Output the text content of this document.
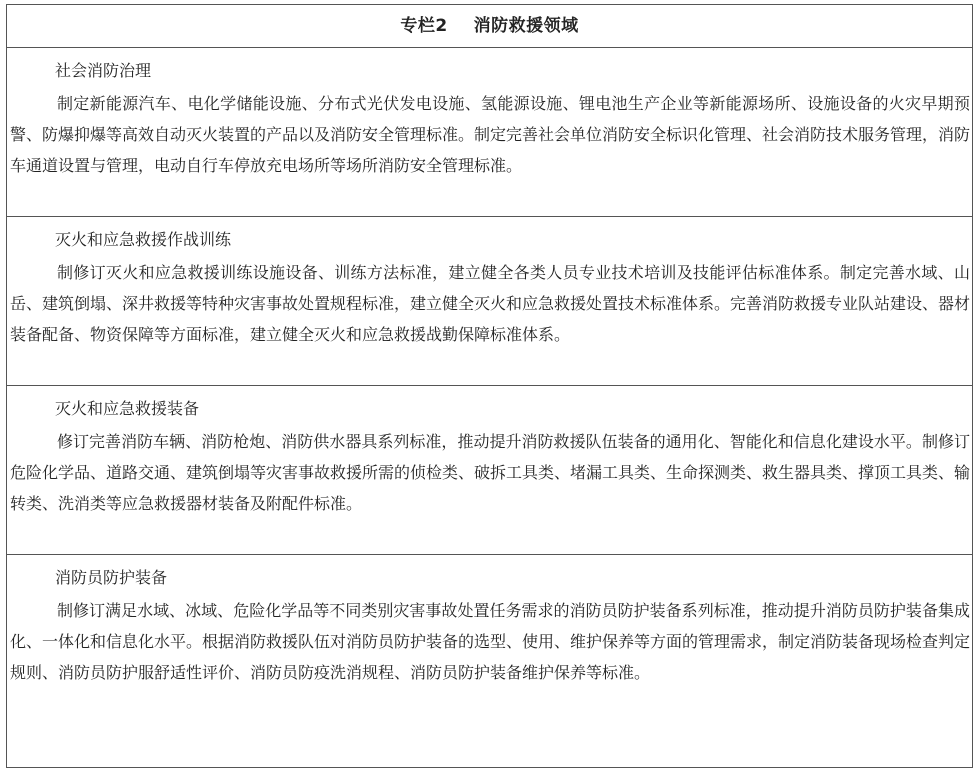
专栏2 消防救援领域

社会消防治理
制定新能源汽车、电化学储能设施、分布式光伏发电设施、氢能源设施、锂电池生产企业等新能源场所、设施设备的火灾早期预警、防爆抑爆等高效自动灭火装置的产品以及消防安全管理标准。制定完善社会单位消防安全标识化管理、社会消防技术服务管理，消防车通道设置与管理，电动自行车停放充电场所等场所消防安全管理标准。

灭火和应急救援作战训练
制修订灭火和应急救援训练设施设备、训练方法标准，建立健全各类人员专业技术培训及技能评估标准体系。制定完善水域、山岳、建筑倒塌、深井救援等特种灾害事故处置规程标准，建立健全灭火和应急救援处置技术标准体系。完善消防救援专业队站建设、器材装备配备、物资保障等方面标准，建立健全灭火和应急救援战勤保障标准体系。

灭火和应急救援装备
修订完善消防车辆、消防枪炮、消防供水器具系列标准，推动提升消防救援队伍装备的通用化、智能化和信息化建设水平。制修订危险化学品、道路交通、建筑倒塌等灾害事故救援所需的侦检类、破拆工具类、堵漏工具类、生命探测类、救生器具类、撑顶工具类、输转类、洗消类等应急救援器材装备及附配件标准。

消防员防护装备
制修订满足水域、冰域、危险化学品等不同类别灾害事故处置任务需求的消防员防护装备系列标准，推动提升消防员防护装备集成化、一体化和信息化水平。根据消防救援队伍对消防员防护装备的选型、使用、维护保养等方面的管理需求，制定消防装备现场检查判定规则、消防员防护服舒适性评价、消防员防疫洗消规程、消防员防护装备维护保养等标准。
